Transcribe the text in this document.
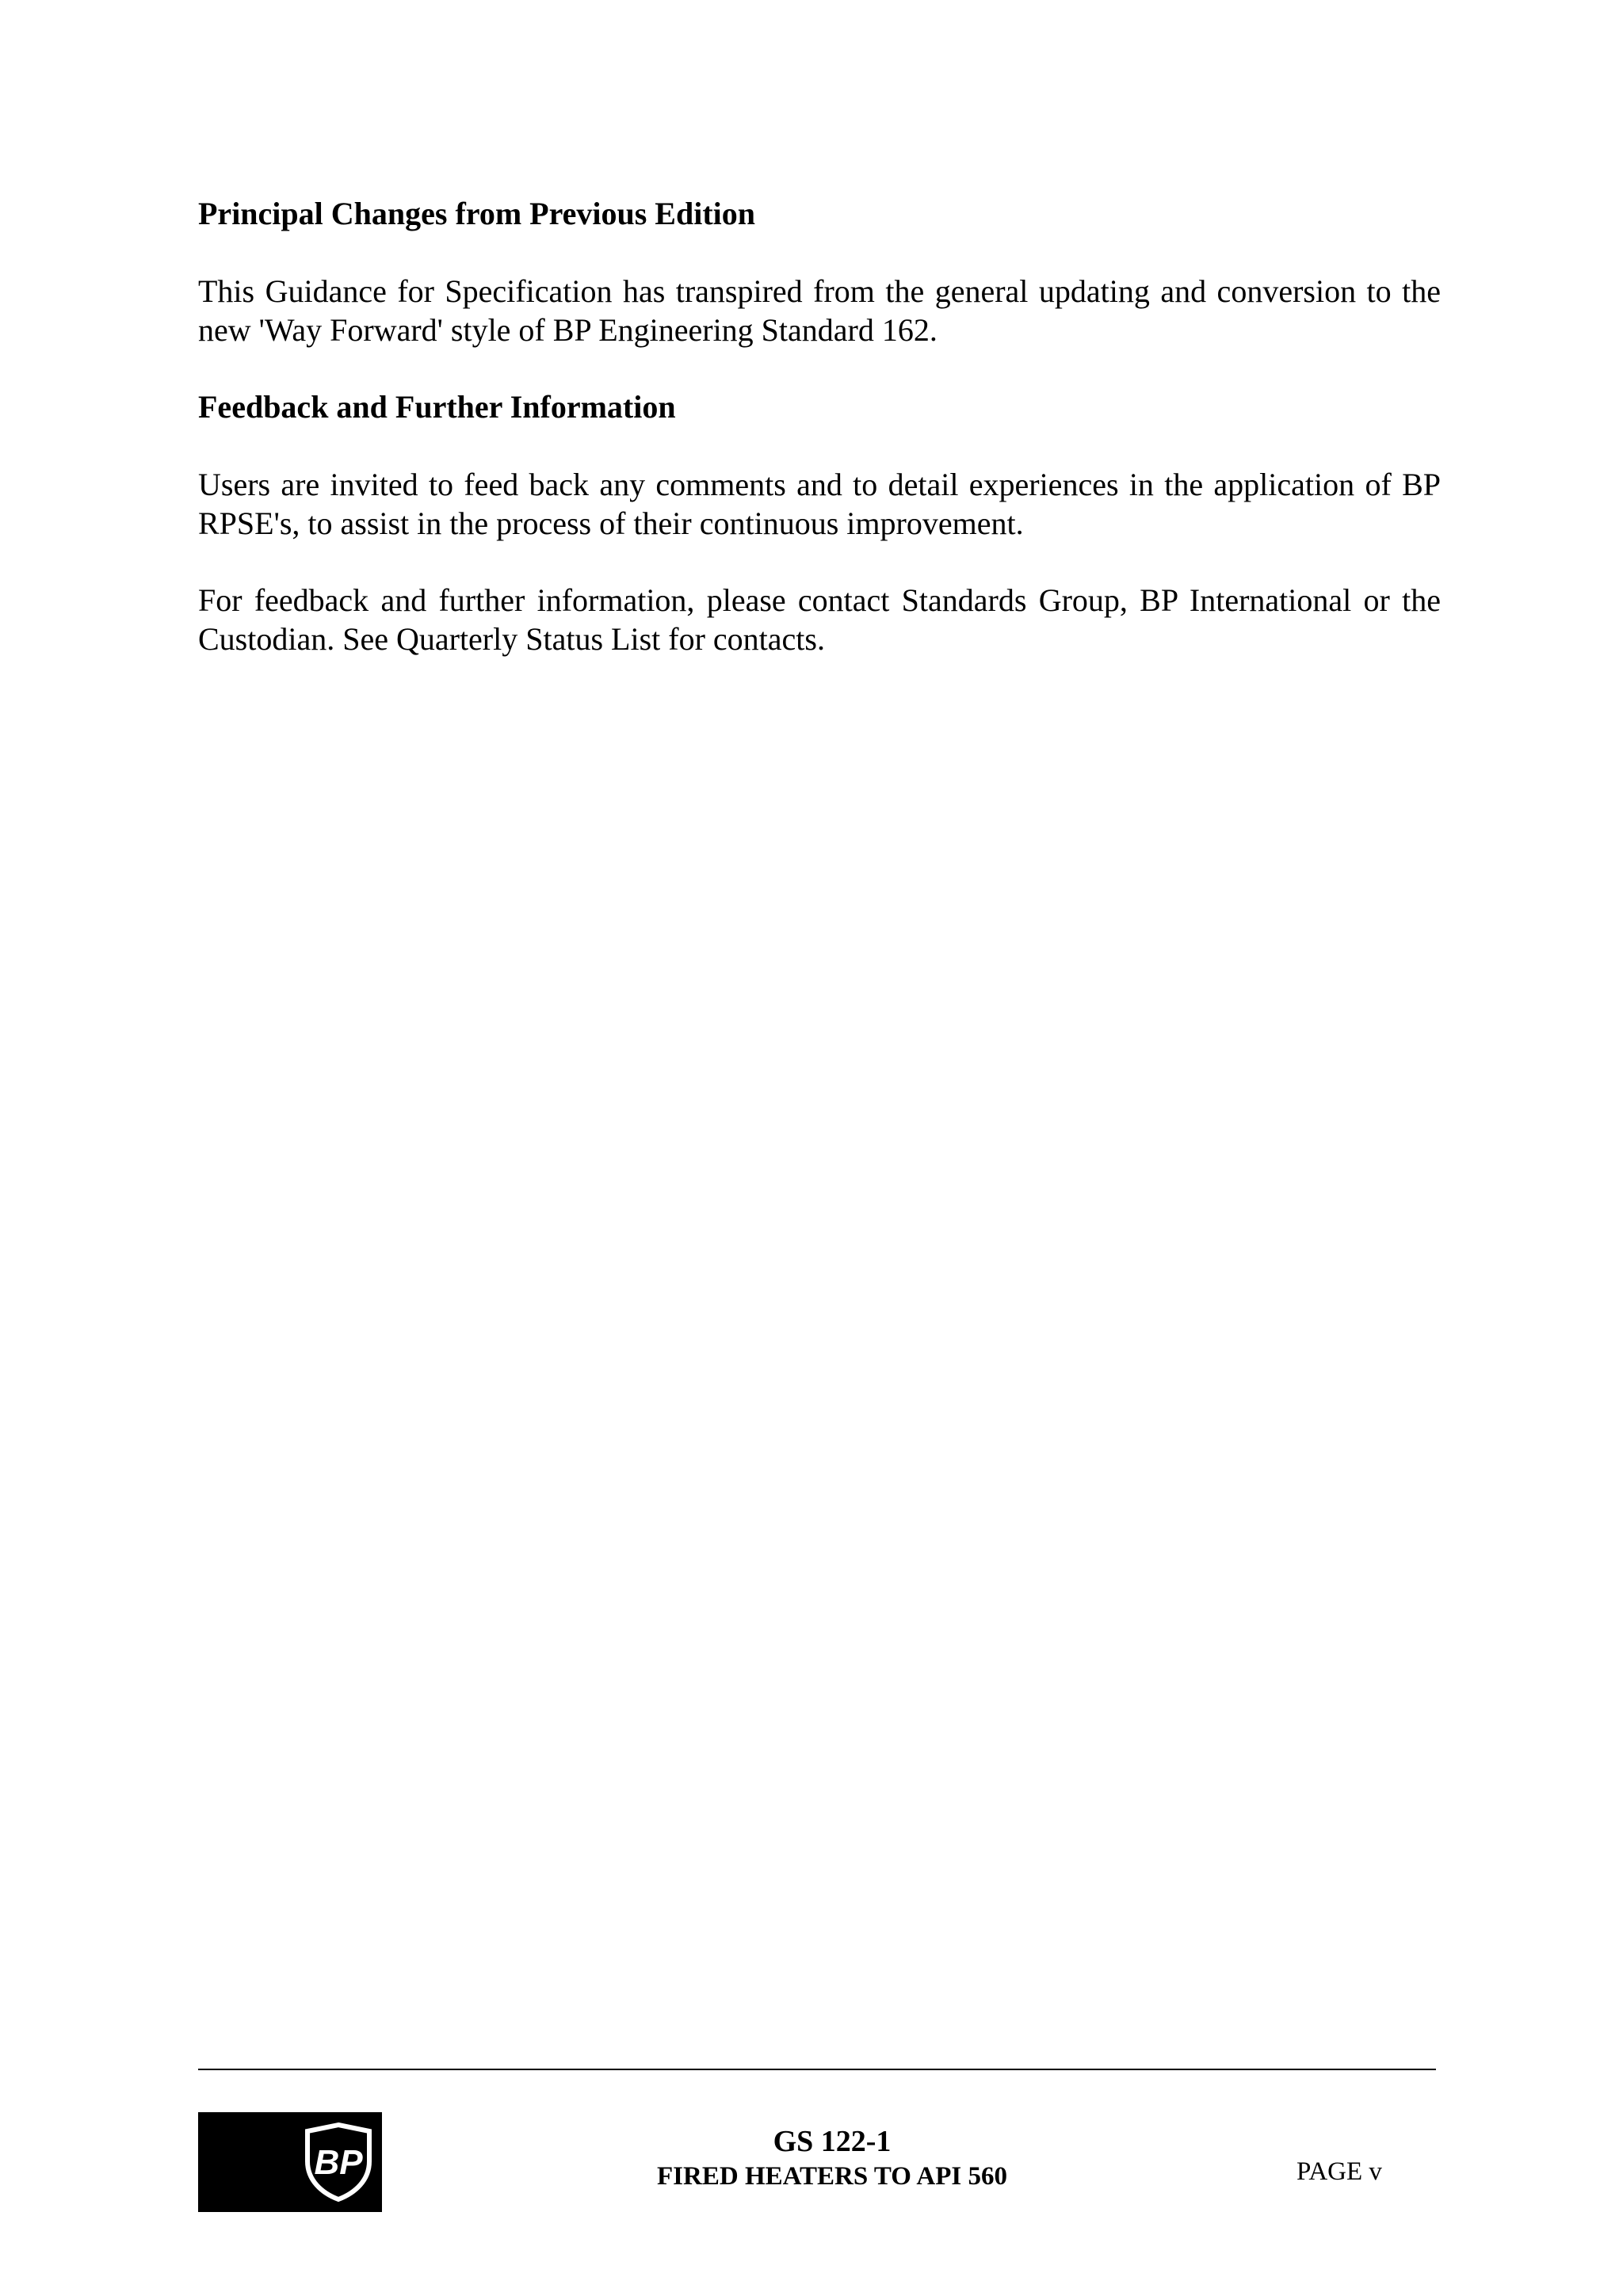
Principal Changes from Previous Edition
This Guidance for Specification has transpired from the general updating and conversion to the new 'Way Forward' style of BP Engineering Standard 162.
Feedback and Further Information
Users are invited to feed back any comments and to detail experiences in the application of BP RPSE's, to assist in the process of their continuous improvement.
For feedback and further information, please contact Standards Group, BP International or the Custodian. See Quarterly Status List for contacts.
BP
GS 122-1
FIRED HEATERS TO API 560	PAGE v
